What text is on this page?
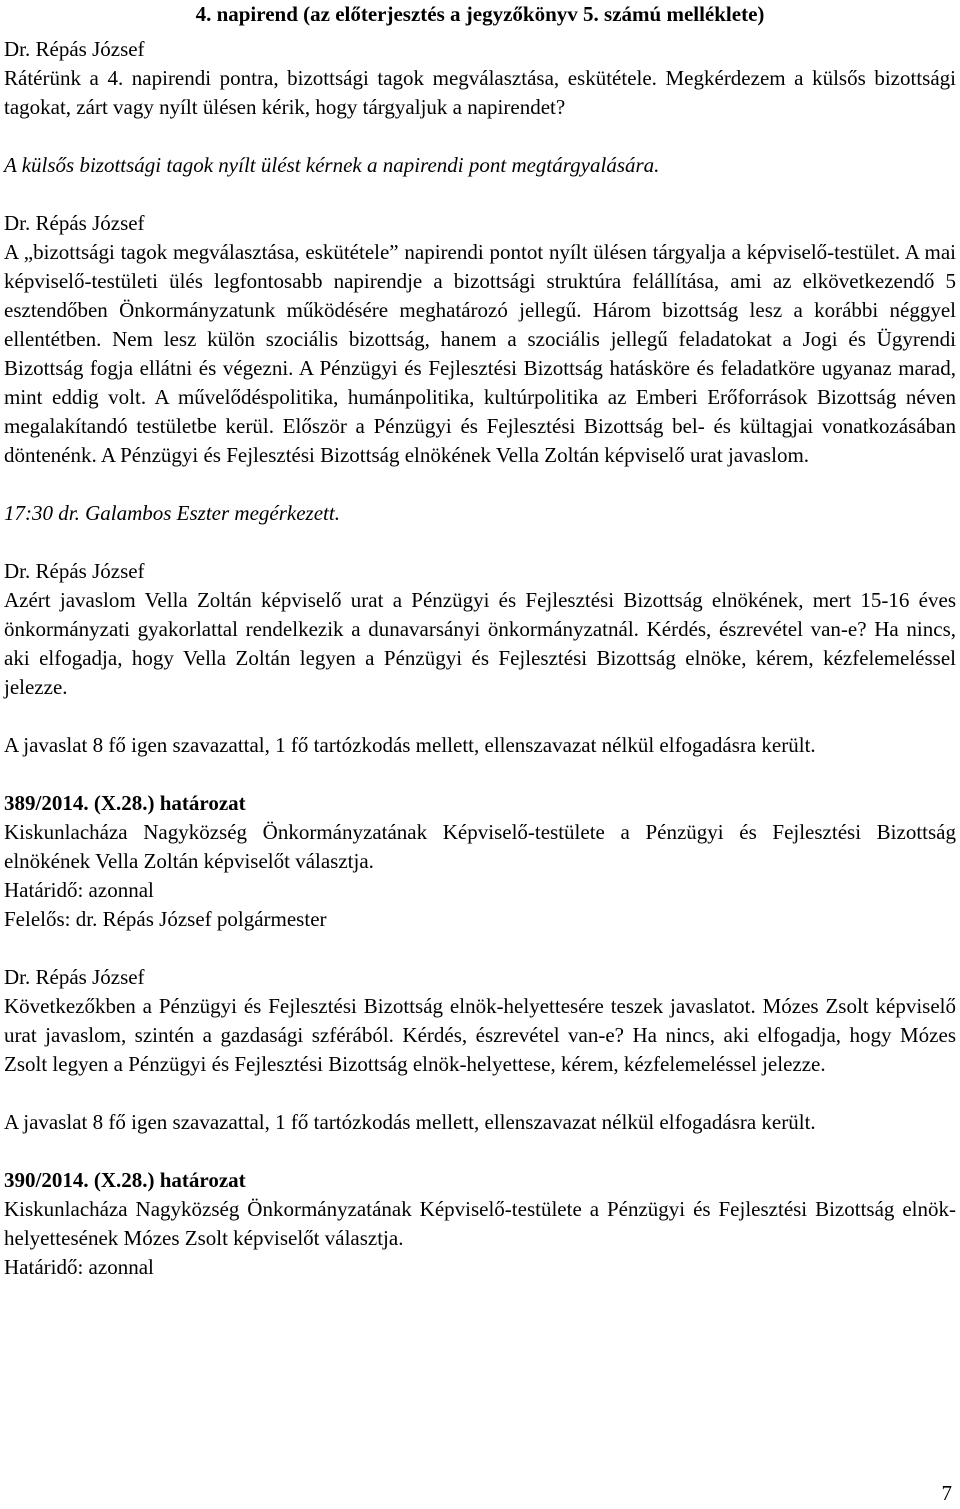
4. napirend (az előterjesztés a jegyzőkönyv 5. számú melléklete)
Dr. Répás József
Rátérünk a 4. napirendi pontra, bizottsági tagok megválasztása, eskütétele. Megkérdezem a külsős bizottsági tagokat, zárt vagy nyílt ülésen kérik, hogy tárgyaljuk a napirendet?
A külsős bizottsági tagok nyílt ülést kérnek a napirendi pont megtárgyalására.
Dr. Répás József
A „bizottsági tagok megválasztása, eskütétele” napirendi pontot nyílt ülésen tárgyalja a képviselő-testület. A mai képviselő-testületi ülés legfontosabb napirendje a bizottsági struktúra felállítása, ami az elkövetkezendő 5 esztendőben Önkormányzatunk működésére meghatározó jellegű. Három bizottság lesz a korábbi néggyel ellentétben. Nem lesz külön szociális bizottság, hanem a szociális jellegű feladatokat a Jogi és Ügyrendi Bizottság fogja ellátni és végezni. A Pénzügyi és Fejlesztési Bizottság hatásköre és feladatköre ugyanaz marad, mint eddig volt. A művelődéspolitika, humánpolitika, kultúrpolitika az Emberi Erőforrások Bizottság néven megalakítandó testületbe kerül. Először a Pénzügyi és Fejlesztési Bizottság bel- és kültagjai vonatkozásában döntenénk. A Pénzügyi és Fejlesztési Bizottság elnökének Vella Zoltán képviselő urat javaslom.
17:30 dr. Galambos Eszter megérkezett.
Dr. Répás József
Azért javaslom Vella Zoltán képviselő urat a Pénzügyi és Fejlesztési Bizottság elnökének, mert 15-16 éves önkormányzati gyakorlattal rendelkezik a dunavarsányi önkormányzatnál. Kérdés, észrevétel van-e? Ha nincs, aki elfogadja, hogy Vella Zoltán legyen a Pénzügyi és Fejlesztési Bizottság elnöke, kérem, kézfelemeléssel jelezze.
A javaslat 8 fő igen szavazattal, 1 fő tartózkodás mellett, ellenszavazat nélkül elfogadásra került.
389/2014. (X.28.) határozat
Kiskunlacháza Nagyközség Önkormányzatának Képviselő-testülete a Pénzügyi és Fejlesztési Bizottság elnökének Vella Zoltán képviselőt választja.
Határidő: azonnal
Felelős: dr. Répás József polgármester
Dr. Répás József
Következőkben a Pénzügyi és Fejlesztési Bizottság elnök-helyettesére teszek javaslatot. Mózes Zsolt képviselő urat javaslom, szintén a gazdasági szférából. Kérdés, észrevétel van-e? Ha nincs, aki elfogadja, hogy Mózes Zsolt legyen a Pénzügyi és Fejlesztési Bizottság elnök-helyettese, kérem, kézfelemeléssel jelezze.
A javaslat 8 fő igen szavazattal, 1 fő tartózkodás mellett, ellenszavazat nélkül elfogadásra került.
390/2014. (X.28.) határozat
Kiskunlacháza Nagyközség Önkormányzatának Képviselő-testülete a Pénzügyi és Fejlesztési Bizottság elnök-helyettesének Mózes Zsolt képviselőt választja.
Határidő: azonnal
7
